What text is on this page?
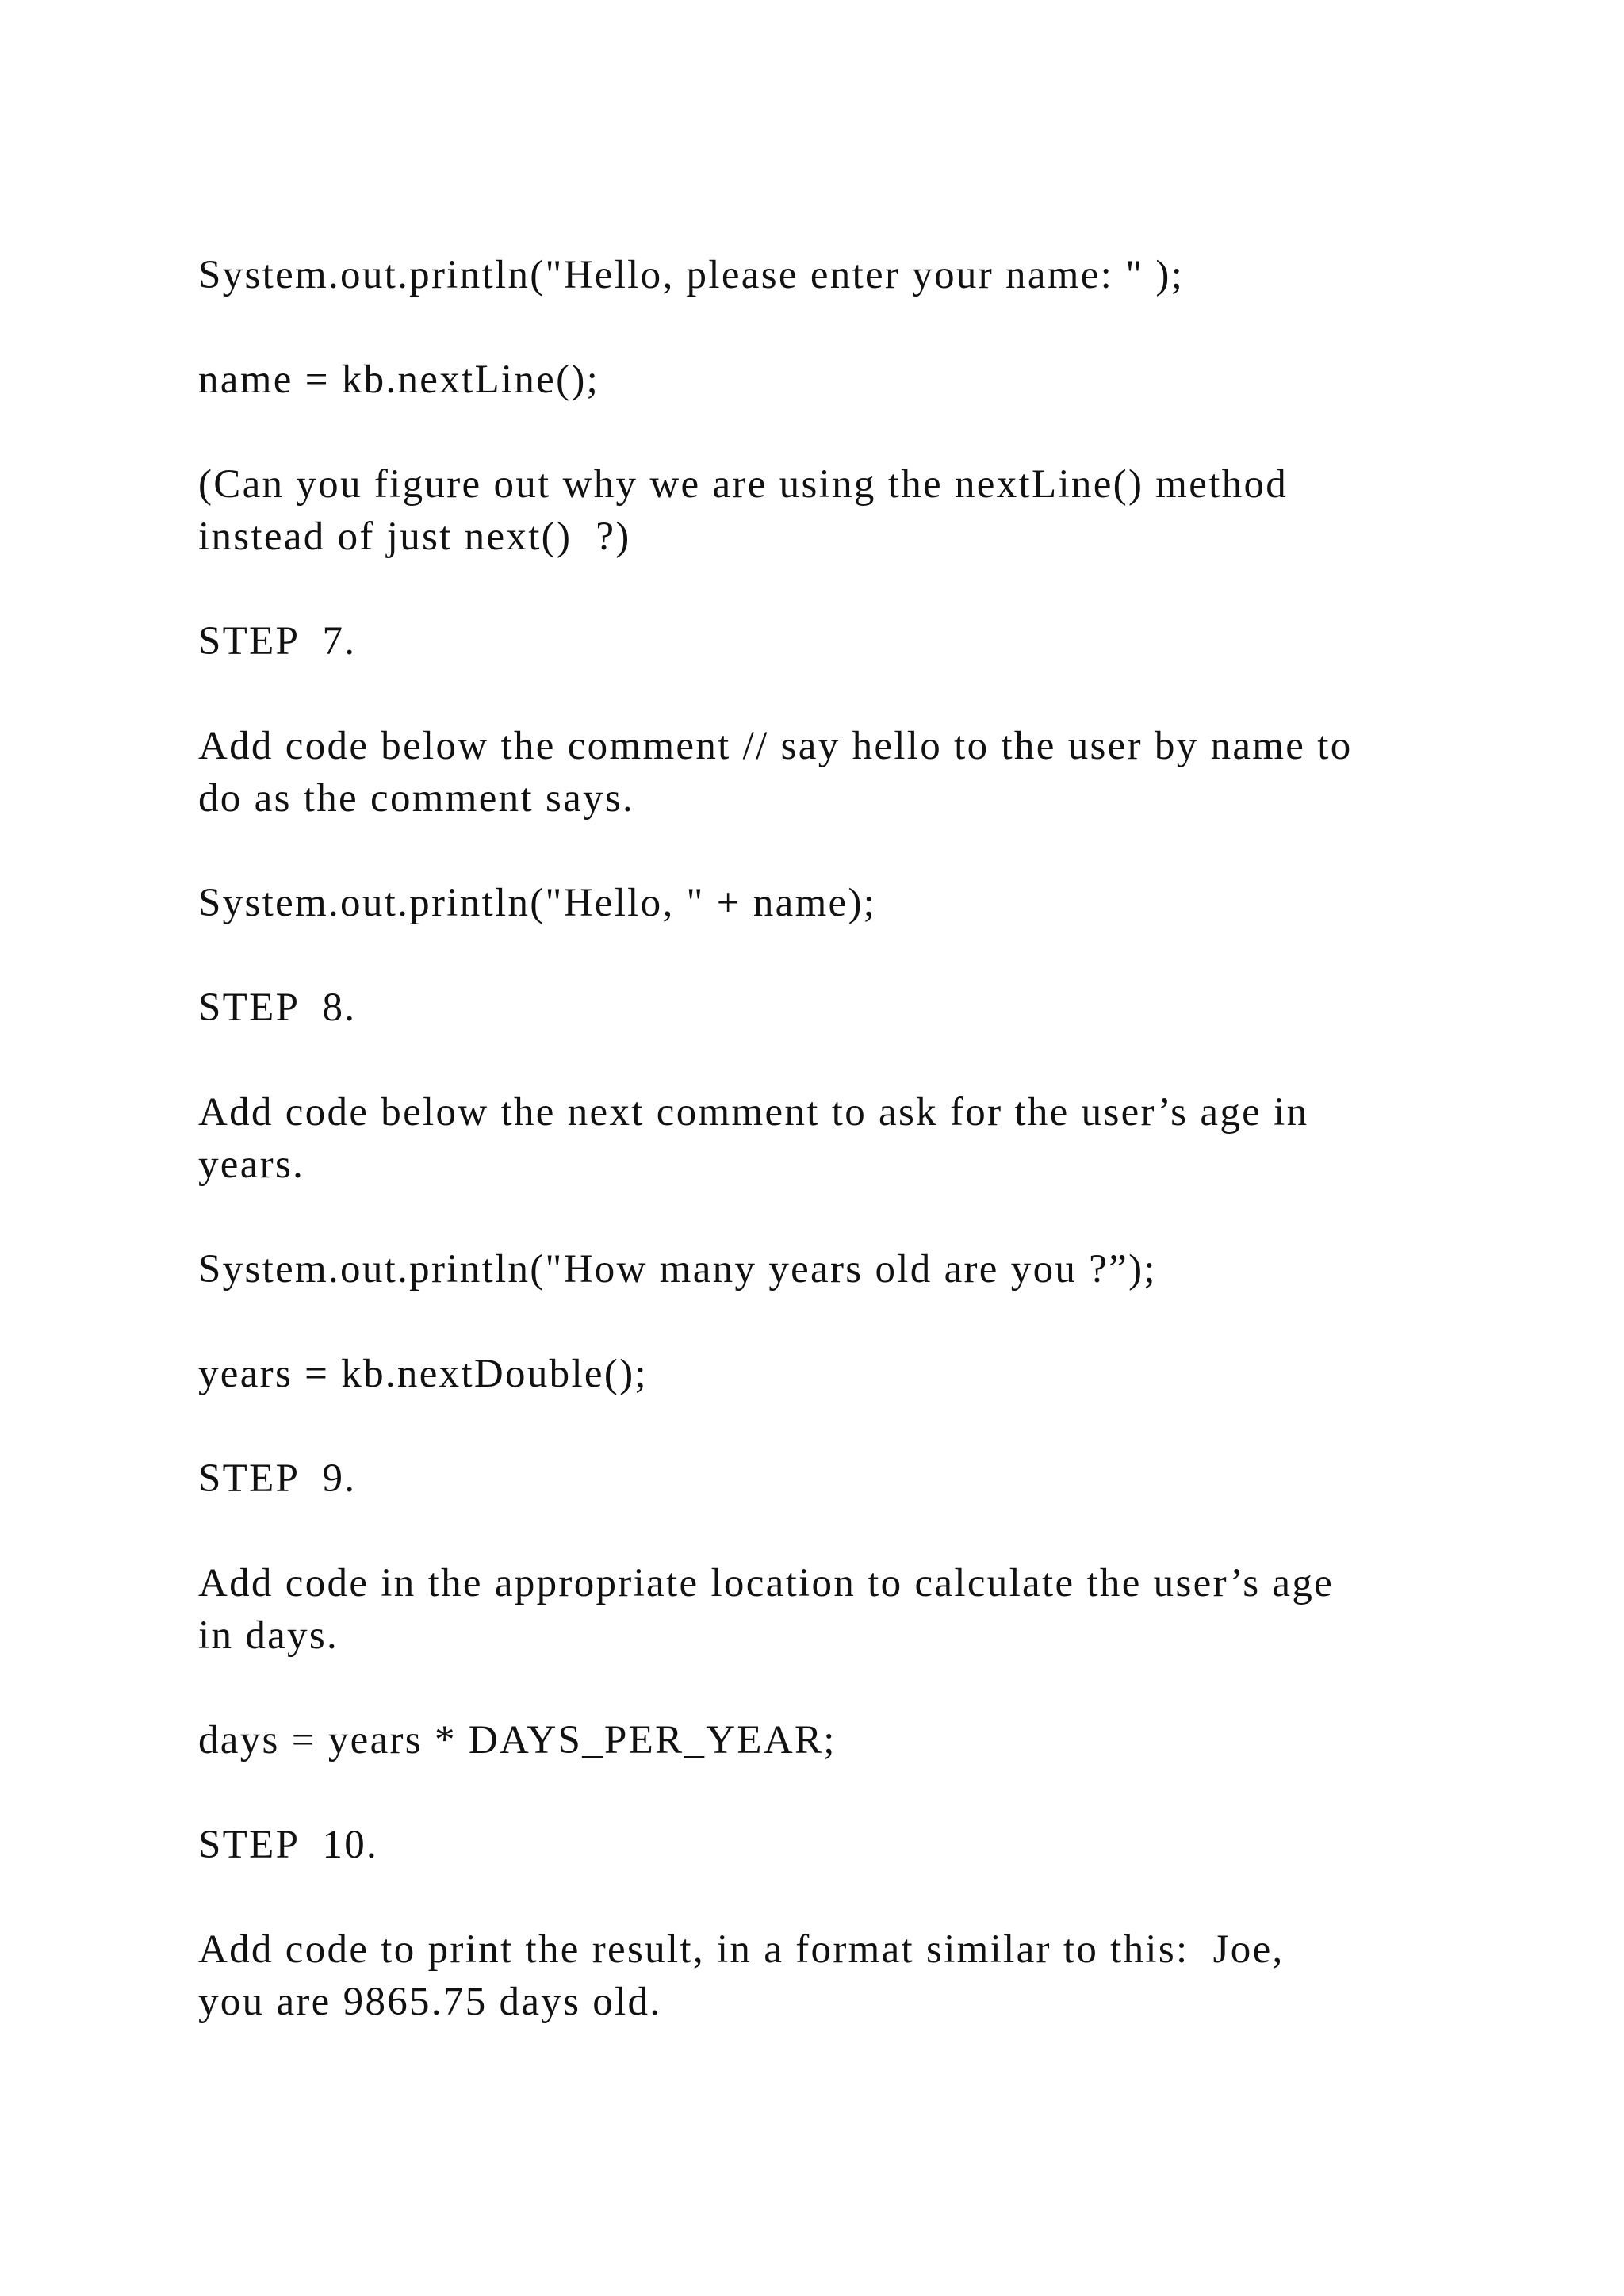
System.out.println("Hello, please enter your name: " );

name = kb.nextLine();

(Can you figure out why we are using the nextLine() method

instead of just next()  ?)

STEP  7.

Add code below the comment // say hello to the user by name to

do as the comment says.

System.out.println("Hello, " + name);

STEP  8.

Add code below the next comment to ask for the user’s age in

years.

System.out.println("How many years old are you ?”);

years = kb.nextDouble();

STEP  9.

Add code in the appropriate location to calculate the user’s age

in days.

days = years * DAYS_PER_YEAR;

STEP  10.

Add code to print the result, in a format similar to this:  Joe,

you are 9865.75 days old.
